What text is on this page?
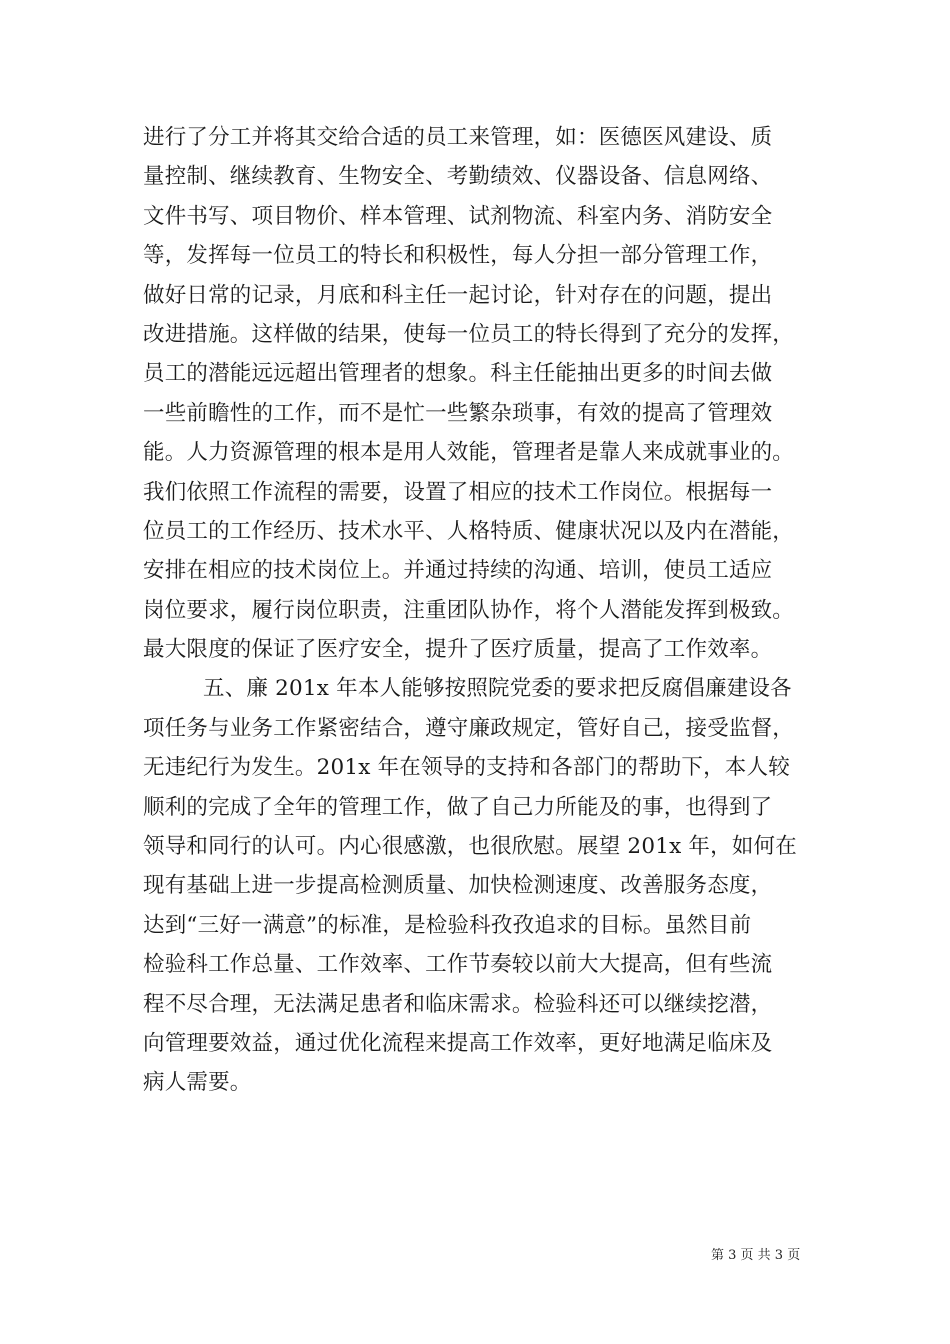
进行了分工并将其交给合适的员工来管理，如：医德医风建设、质
量控制、继续教育、生物安全、考勤绩效、仪器设备、信息网络、
文件书写、项目物价、样本管理、试剂物流、科室内务、消防安全
等，发挥每一位员工的特长和积极性，每人分担一部分管理工作，
做好日常的记录，月底和科主任一起讨论，针对存在的问题，提出
改进措施。这样做的结果，使每一位员工的特长得到了充分的发挥，
员工的潜能远远超出管理者的想象。科主任能抽出更多的时间去做
一些前瞻性的工作，而不是忙一些繁杂琐事，有效的提高了管理效
能。人力资源管理的根本是用人效能，管理者是靠人来成就事业的。
我们依照工作流程的需要，设置了相应的技术工作岗位。根据每一
位员工的工作经历、技术水平、人格特质、健康状况以及内在潜能，
安排在相应的技术岗位上。并通过持续的沟通、培训，使员工适应
岗位要求，履行岗位职责，注重团队协作，将个人潜能发挥到极致。
最大限度的保证了医疗安全，提升了医疗质量，提高了工作效率。
五、廉 201x 年本人能够按照院党委的要求把反腐倡廉建设各
项任务与业务工作紧密结合，遵守廉政规定，管好自己，接受监督，
无违纪行为发生。201x 年在领导的支持和各部门的帮助下，本人较
顺利的完成了全年的管理工作，做了自己力所能及的事，也得到了
领导和同行的认可。内心很感激，也很欣慰。展望 201x 年，如何在
现有基础上进一步提高检测质量、加快检测速度、改善服务态度，
达到“三好一满意”的标准，是检验科孜孜追求的目标。虽然目前
检验科工作总量、工作效率、工作节奏较以前大大提高，但有些流
程不尽合理，无法满足患者和临床需求。检验科还可以继续挖潜，
向管理要效益，通过优化流程来提高工作效率，更好地满足临床及
病人需要。
第 3 页 共 3 页
